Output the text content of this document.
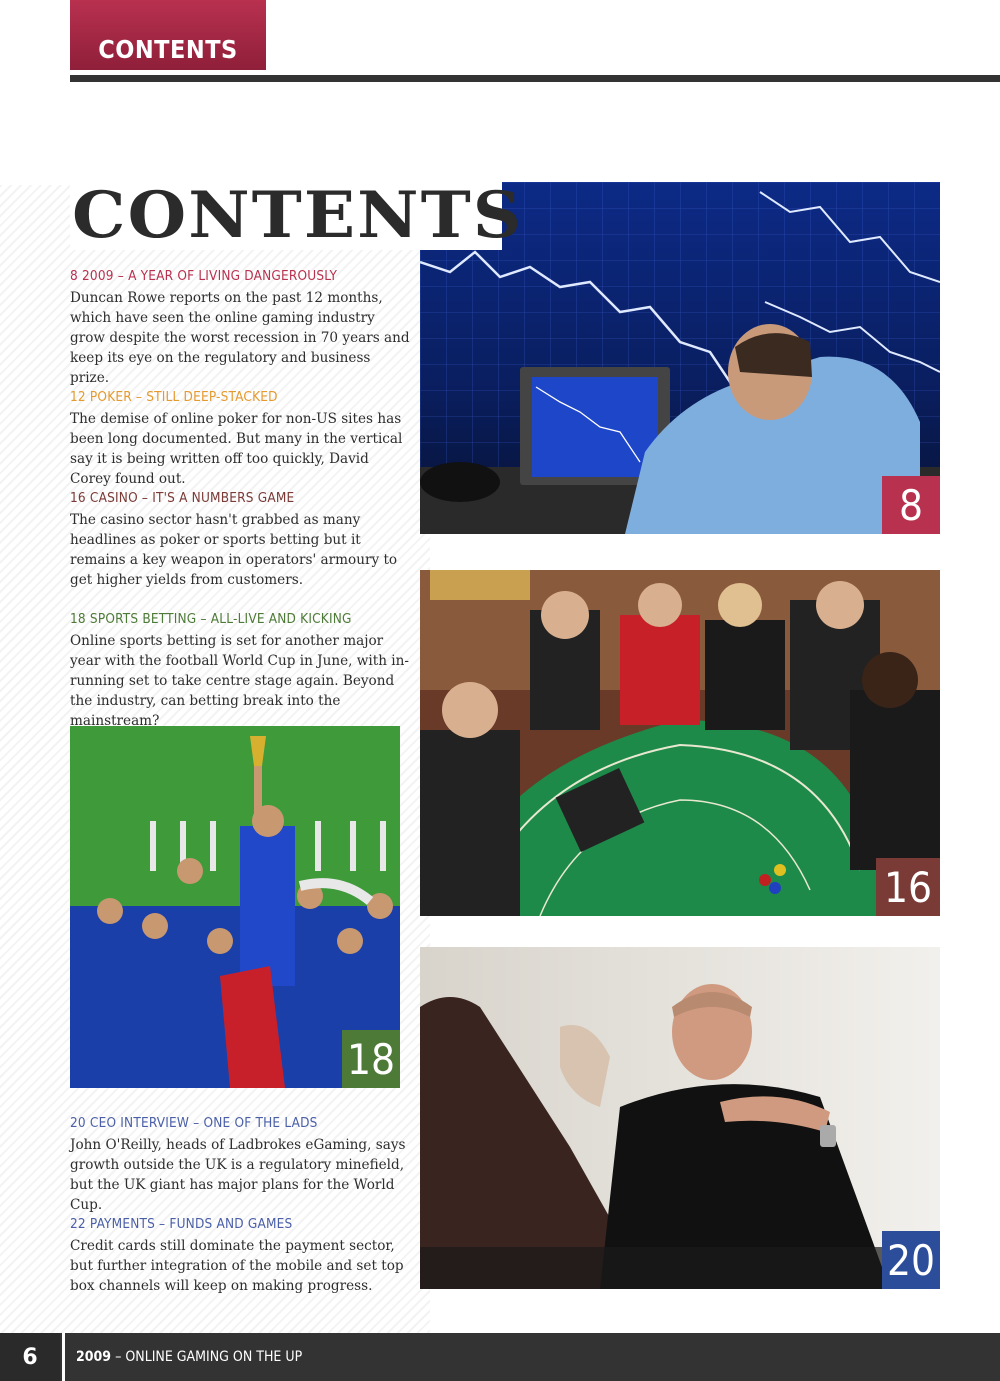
CONTENTS
8
16
18
20
CONTENTS
8 2009 – A YEAR OF LIVING DANGEROUSLY

Duncan Rowe reports on the past 12 months, which have seen the online gaming industry grow despite the worst recession in 70 years and keep its eye on the regulatory and business prize.

12 POKER – STILL DEEP-STACKED

The demise of online poker for non-US sites has been long documented. But many in the vertical say it is being written off too quickly, David Corey found out.

16 CASINO – IT'S A NUMBERS GAME

The casino sector hasn't grabbed as many headlines as poker or sports betting but it remains a key weapon in operators' armoury to get higher yields from customers.

18 SPORTS BETTING – ALL-LIVE AND KICKING

Online sports betting is set for another major year with the football World Cup in June, with in-running set to take centre stage again. Beyond the industry, can betting break into the mainstream?

20 CEO INTERVIEW – ONE OF THE LADS

John O'Reilly, heads of Ladbrokes eGaming, says growth outside the UK is a regulatory minefield, but the UK giant has major plans for the World Cup.

22 PAYMENTS – FUNDS AND GAMES

Credit cards still dominate the payment sector, but further integration of the mobile and set top box channels will keep on making progress.

6	2009 – ONLINE GAMING ON THE UP
